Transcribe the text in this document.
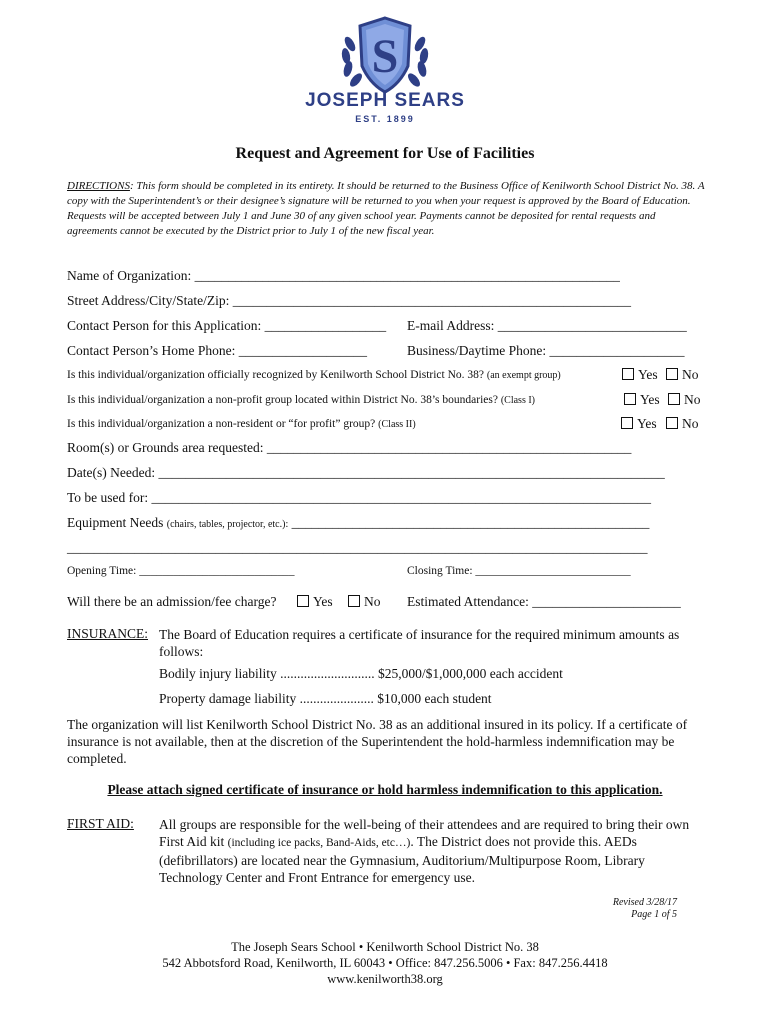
S
JOSEPH SEARS
EST. 1899
Request and Agreement for Use of Facilities
DIRECTIONS: This form should be completed in its entirety. It should be returned to the Business Office of Kenilworth School District No. 38. A copy with the Superintendent’s or their designee’s signature will be returned to you when your request is approved by the Board of Education. Requests will be accepted between July 1 and June 30 of any given school year. Payments cannot be deposited for rental requests and agreements cannot be executed by the District prior to July 1 of the new fiscal year.
Name of Organization: _______________________________________________________________
Street Address/City/State/Zip: ___________________________________________________________
Contact Person for this Application: __________________ E-mail Address: ____________________________
Contact Person’s Home Phone: ___________________	Business/Daytime Phone: ____________________
Is this individual/organization officially recognized by Kenilworth School District No. 38? (an exempt group)	Yes	No
Is this individual/organization a non-profit group located within District No. 38’s boundaries? (Class I)	Yes	No
Is this individual/organization a non-resident or “for profit” group? (Class II)	Yes	No
Room(s) or Grounds area requested: ______________________________________________________
Date(s) Needed: ___________________________________________________________________________
To be used for: __________________________________________________________________________
Equipment Needs (chairs, tables, projector, etc.): _____________________________________________________
______________________________________________________________________________________
Opening Time: ___________________________	Closing Time: ___________________________
Will there be an admission/fee charge?	Yes	No Estimated Attendance: ______________________
INSURANCE: The Board of Education requires a certificate of insurance for the required minimum amounts as follows:
Bodily injury liability ............................ $25,000/$1,000,000 each accident
Property damage liability ...................... $10,000 each student
The organization will list Kenilworth School District No. 38 as an additional insured in its policy. If a certificate of insurance is not available, then at the discretion of the Superintendent the hold-harmless indemnification may be completed.
Please attach signed certificate of insurance or hold harmless indemnification to this application.
FIRST AID: All groups are responsible for the well-being of their attendees and are required to bring their own First Aid kit (including ice packs, Band-Aids, etc…). The District does not provide this. AEDs (defibrillators) are located near the Gymnasium, Auditorium/Multipurpose Room, Library Technology Center and Front Entrance for emergency use.
Revised 3/28/17
Page 1 of 5
The Joseph Sears School • Kenilworth School District No. 38
542 Abbotsford Road, Kenilworth, IL 60043 • Office: 847.256.5006 • Fax: 847.256.4418
www.kenilworth38.org
